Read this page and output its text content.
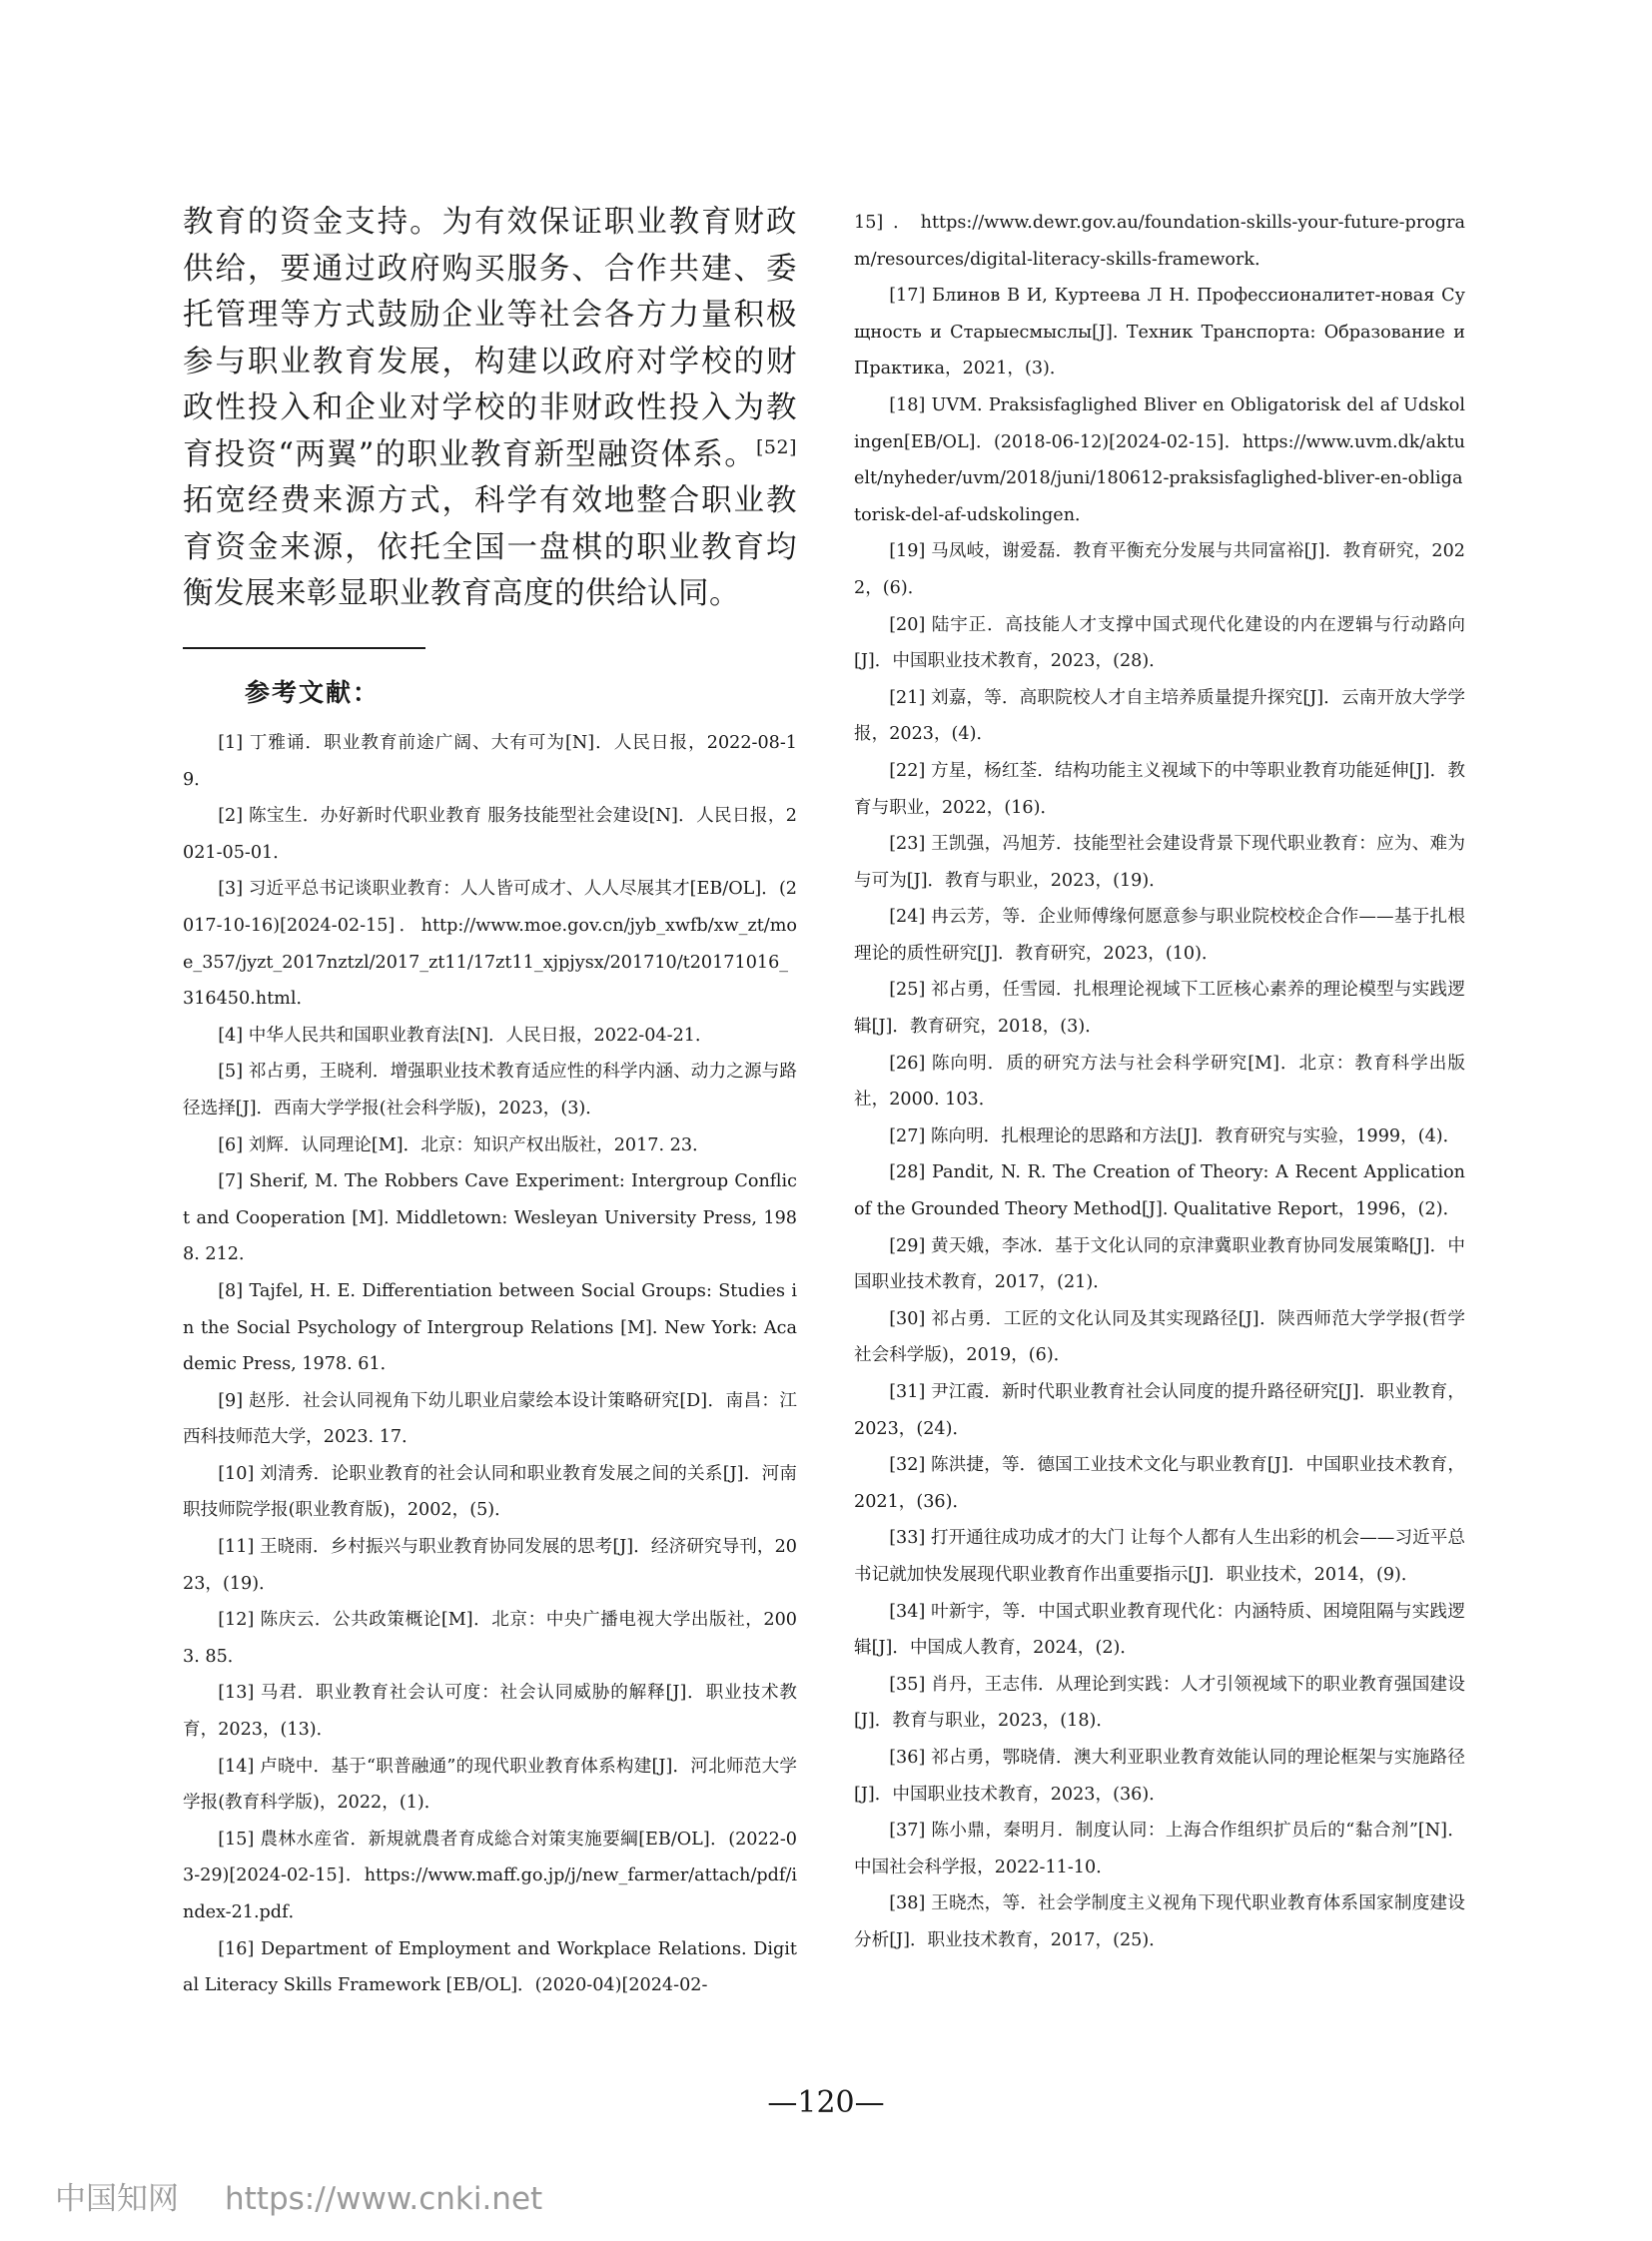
教育的资金支持。为有效保证职业教育财政供给，要通过政府购买服务、合作共建、委托管理等方式鼓励企业等社会各方力量积极参与职业教育发展，构建以政府对学校的财政性投入和企业对学校的非财政性投入为教育投资“两翼”的职业教育新型融资体系。[52]拓宽经费来源方式，科学有效地整合职业教育资金来源，依托全国一盘棋的职业教育均衡发展来彰显职业教育高度的供给认同。

参考文献：
[1] 丁雅诵．职业教育前途广阔、大有可为[N]．人民日报，2022-08-19．
[2] 陈宝生．办好新时代职业教育 服务技能型社会建设[N]．人民日报，2021-05-01．
[3] 习近平总书记谈职业教育：人人皆可成才、人人尽展其才[EB/OL]．(2017-10-16)[2024-02-15]．http://www.moe.gov.cn/jyb_xwfb/xw_zt/moe_357/jyzt_2017nztzl/2017_zt11/17zt11_xjpjysx/201710/t20171016_316450.html．
[4] 中华人民共和国职业教育法[N]．人民日报，2022-04-21．
[5] 祁占勇，王晓利．增强职业技术教育适应性的科学内涵、动力之源与路径选择[J]．西南大学学报(社会科学版)，2023，(3)．
[6] 刘辉．认同理论[M]．北京：知识产权出版社，2017. 23．
[7] Sherif, M. The Robbers Cave Experiment: Intergroup Conflict and Cooperation [M]. Middletown: Wesleyan University Press, 1988. 212．
[8] Tajfel, H. E. Differentiation between Social Groups: Studies in the Social Psychology of Intergroup Relations [M]. New York: Academic Press, 1978. 61．
[9] 赵彤．社会认同视角下幼儿职业启蒙绘本设计策略研究[D]．南昌：江西科技师范大学，2023. 17．
[10] 刘清秀．论职业教育的社会认同和职业教育发展之间的关系[J]．河南职技师院学报(职业教育版)，2002，(5)．
[11] 王晓雨．乡村振兴与职业教育协同发展的思考[J]．经济研究导刊，2023，(19)．
[12] 陈庆云．公共政策概论[M]．北京：中央广播电视大学出版社，2003. 85．
[13] 马君．职业教育社会认可度：社会认同威胁的解释[J]．职业技术教育，2023，(13)．
[14] 卢晓中．基于“职普融通”的现代职业教育体系构建[J]．河北师范大学学报(教育科学版)，2022，(1)．
[15] 農林水産省．新規就農者育成総合対策実施要綱[EB/OL]．(2022-03-29)[2024-02-15]．https://www.maff.go.jp/j/new_farmer/attach/pdf/index-21.pdf．
[16] Department of Employment and Workplace Relations. Digital Literacy Skills Framework [EB/OL]．(2020-04)[2024-02-
15]．https://www.dewr.gov.au/foundation-skills-your-future-program/resources/digital-literacy-skills-framework．
[17] Блинов В И, Куртеева Л Н. Профессионалитет-новая Сущность и Старыесмыслы[J]. Техник Транспорта: Образование и Практика，2021，(3)．
[18] UVM. Praksisfaglighed Bliver en Obligatorisk del af Udskolingen[EB/OL]．(2018-06-12)[2024-02-15]．https://www.uvm.dk/aktuelt/nyheder/uvm/2018/juni/180612-praksisfaglighed-bliver-en-obligatorisk-del-af-udskolingen．
[19] 马凤岐，谢爱磊．教育平衡充分发展与共同富裕[J]．教育研究，2022，(6)．
[20] 陆宇正．高技能人才支撑中国式现代化建设的内在逻辑与行动路向[J]．中国职业技术教育，2023，(28)．
[21] 刘嘉，等．高职院校人才自主培养质量提升探究[J]．云南开放大学学报，2023，(4)．
[22] 方星，杨红荃．结构功能主义视域下的中等职业教育功能延伸[J]．教育与职业，2022，(16)．
[23] 王凯强，冯旭芳．技能型社会建设背景下现代职业教育：应为、难为与可为[J]．教育与职业，2023，(19)．
[24] 冉云芳，等．企业师傅缘何愿意参与职业院校校企合作——基于扎根理论的质性研究[J]．教育研究，2023，(10)．
[25] 祁占勇，任雪园．扎根理论视域下工匠核心素养的理论模型与实践逻辑[J]．教育研究，2018，(3)．
[26] 陈向明．质的研究方法与社会科学研究[M]．北京：教育科学出版社，2000. 103．
[27] 陈向明．扎根理论的思路和方法[J]．教育研究与实验，1999，(4)．
[28] Pandit, N. R. The Creation of Theory: A Recent Application of the Grounded Theory Method[J]. Qualitative Report，1996，(2)．
[29] 黄天娥，李冰．基于文化认同的京津冀职业教育协同发展策略[J]．中国职业技术教育，2017，(21)．
[30] 祁占勇．工匠的文化认同及其实现路径[J]．陕西师范大学学报(哲学社会科学版)，2019，(6)．
[31] 尹江霞．新时代职业教育社会认同度的提升路径研究[J]．职业教育，2023，(24)．
[32] 陈洪捷，等．德国工业技术文化与职业教育[J]．中国职业技术教育，2021，(36)．
[33] 打开通往成功成才的大门 让每个人都有人生出彩的机会——习近平总书记就加快发展现代职业教育作出重要指示[J]．职业技术，2014，(9)．
[34] 叶新宇，等．中国式职业教育现代化：内涵特质、困境阻隔与实践逻辑[J]．中国成人教育，2024，(2)．
[35] 肖丹，王志伟．从理论到实践：人才引领视域下的职业教育强国建设[J]．教育与职业，2023，(18)．
[36] 祁占勇，鄂晓倩．澳大利亚职业教育效能认同的理论框架与实施路径[J]．中国职业技术教育，2023，(36)．
[37] 陈小鼎，秦明月．制度认同：上海合作组织扩员后的“黏合剂”[N]．中国社会科学报，2022-11-10．
[38] 王晓杰，等．社会学制度主义视角下现代职业教育体系国家制度建设分析[J]．职业技术教育，2017，(25)．

—120—

中国知网 https://www.cnki.net
